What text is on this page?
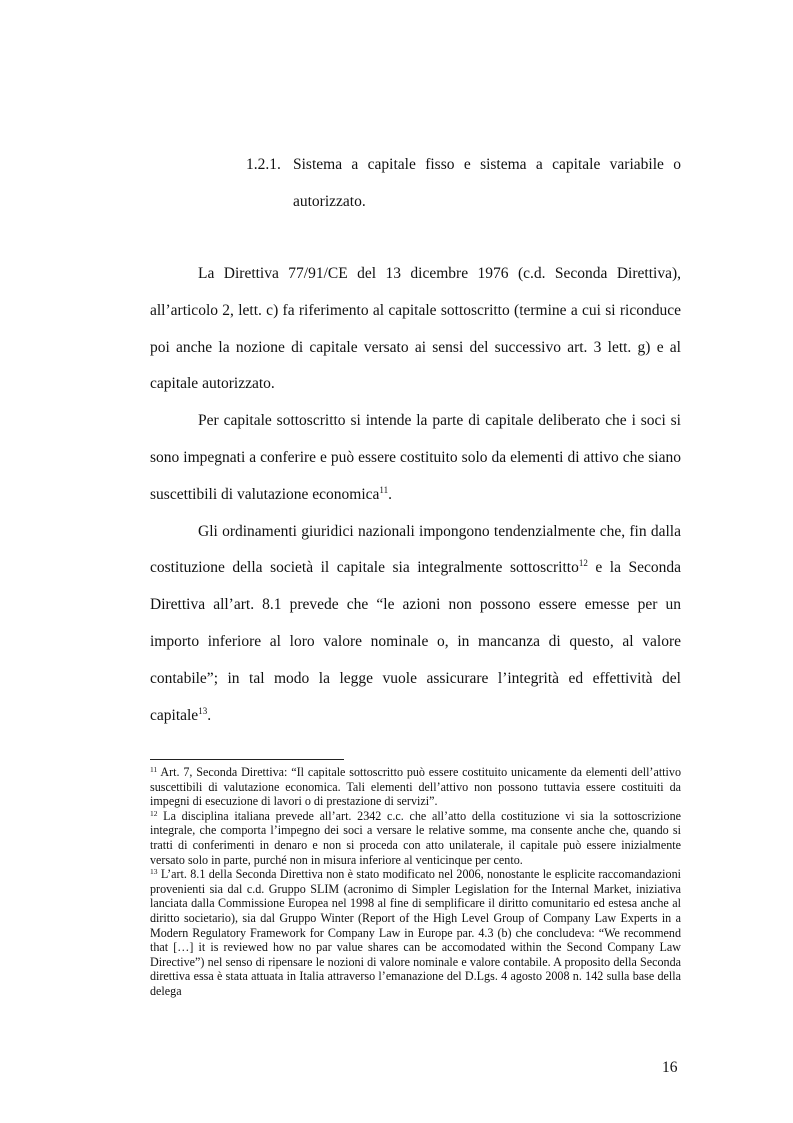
1.2.1. Sistema a capitale fisso e sistema a capitale variabile o
autorizzato.

La Direttiva 77/91/CE del 13 dicembre 1976 (c.d. Seconda Direttiva), all’articolo 2, lett. c) fa riferimento al capitale sottoscritto (termine a cui si riconduce poi anche la nozione di capitale versato ai sensi del successivo art. 3 lett. g) e al capitale autorizzato.

Per capitale sottoscritto si intende la parte di capitale deliberato che i soci si sono impegnati a conferire e può essere costituito solo da elementi di attivo che siano suscettibili di valutazione economica$^{11}$.

Gli ordinamenti giuridici nazionali impongono tendenzialmente che, fin dalla costituzione della società il capitale sia integralmente sottoscritto$^{12}$ e la Seconda Direttiva all’art. 8.1 prevede che “le azioni non possono essere emesse per un importo inferiore al loro valore nominale o, in mancanza di questo, al valore contabile”; in tal modo la legge vuole assicurare l’integrità ed effettività del capitale$^{13}$.

$^{11}$ Art. 7, Seconda Direttiva: “Il capitale sottoscritto può essere costituito unicamente da elementi dell’attivo suscettibili di valutazione economica. Tali elementi dell’attivo non possono tuttavia essere costituiti da impegni di esecuzione di lavori o di prestazione di servizi”.

$^{12}$ La disciplina italiana prevede all’art. 2342 c.c. che all’atto della costituzione vi sia la sottoscrizione integrale, che comporta l’impegno dei soci a versare le relative somme, ma consente anche che, quando si tratti di conferimenti in denaro e non si proceda con atto unilaterale, il capitale può essere inizialmente versato solo in parte, purché non in misura inferiore al venticinque per cento.

$^{13}$ L’art. 8.1 della Seconda Direttiva non è stato modificato nel 2006, nonostante le esplicite raccomandazioni provenienti sia dal c.d. Gruppo SLIM (acronimo di Simpler Legislation for the Internal Market, iniziativa lanciata dalla Commissione Europea nel 1998 al fine di semplificare il diritto comunitario ed estesa anche al diritto societario), sia dal Gruppo Winter (Report of the High Level Group of Company Law Experts in a Modern Regulatory Framework for Company Law in Europe par. 4.3 (b) che concludeva: “We recommend that […] it is reviewed how no par value shares can be accomodated within the Second Company Law Directive”) nel senso di ripensare le nozioni di valore nominale e valore contabile. A proposito della Seconda direttiva essa è stata attuata in Italia attraverso l’emanazione del D.Lgs. 4 agosto 2008 n. 142 sulla base della delega

16
